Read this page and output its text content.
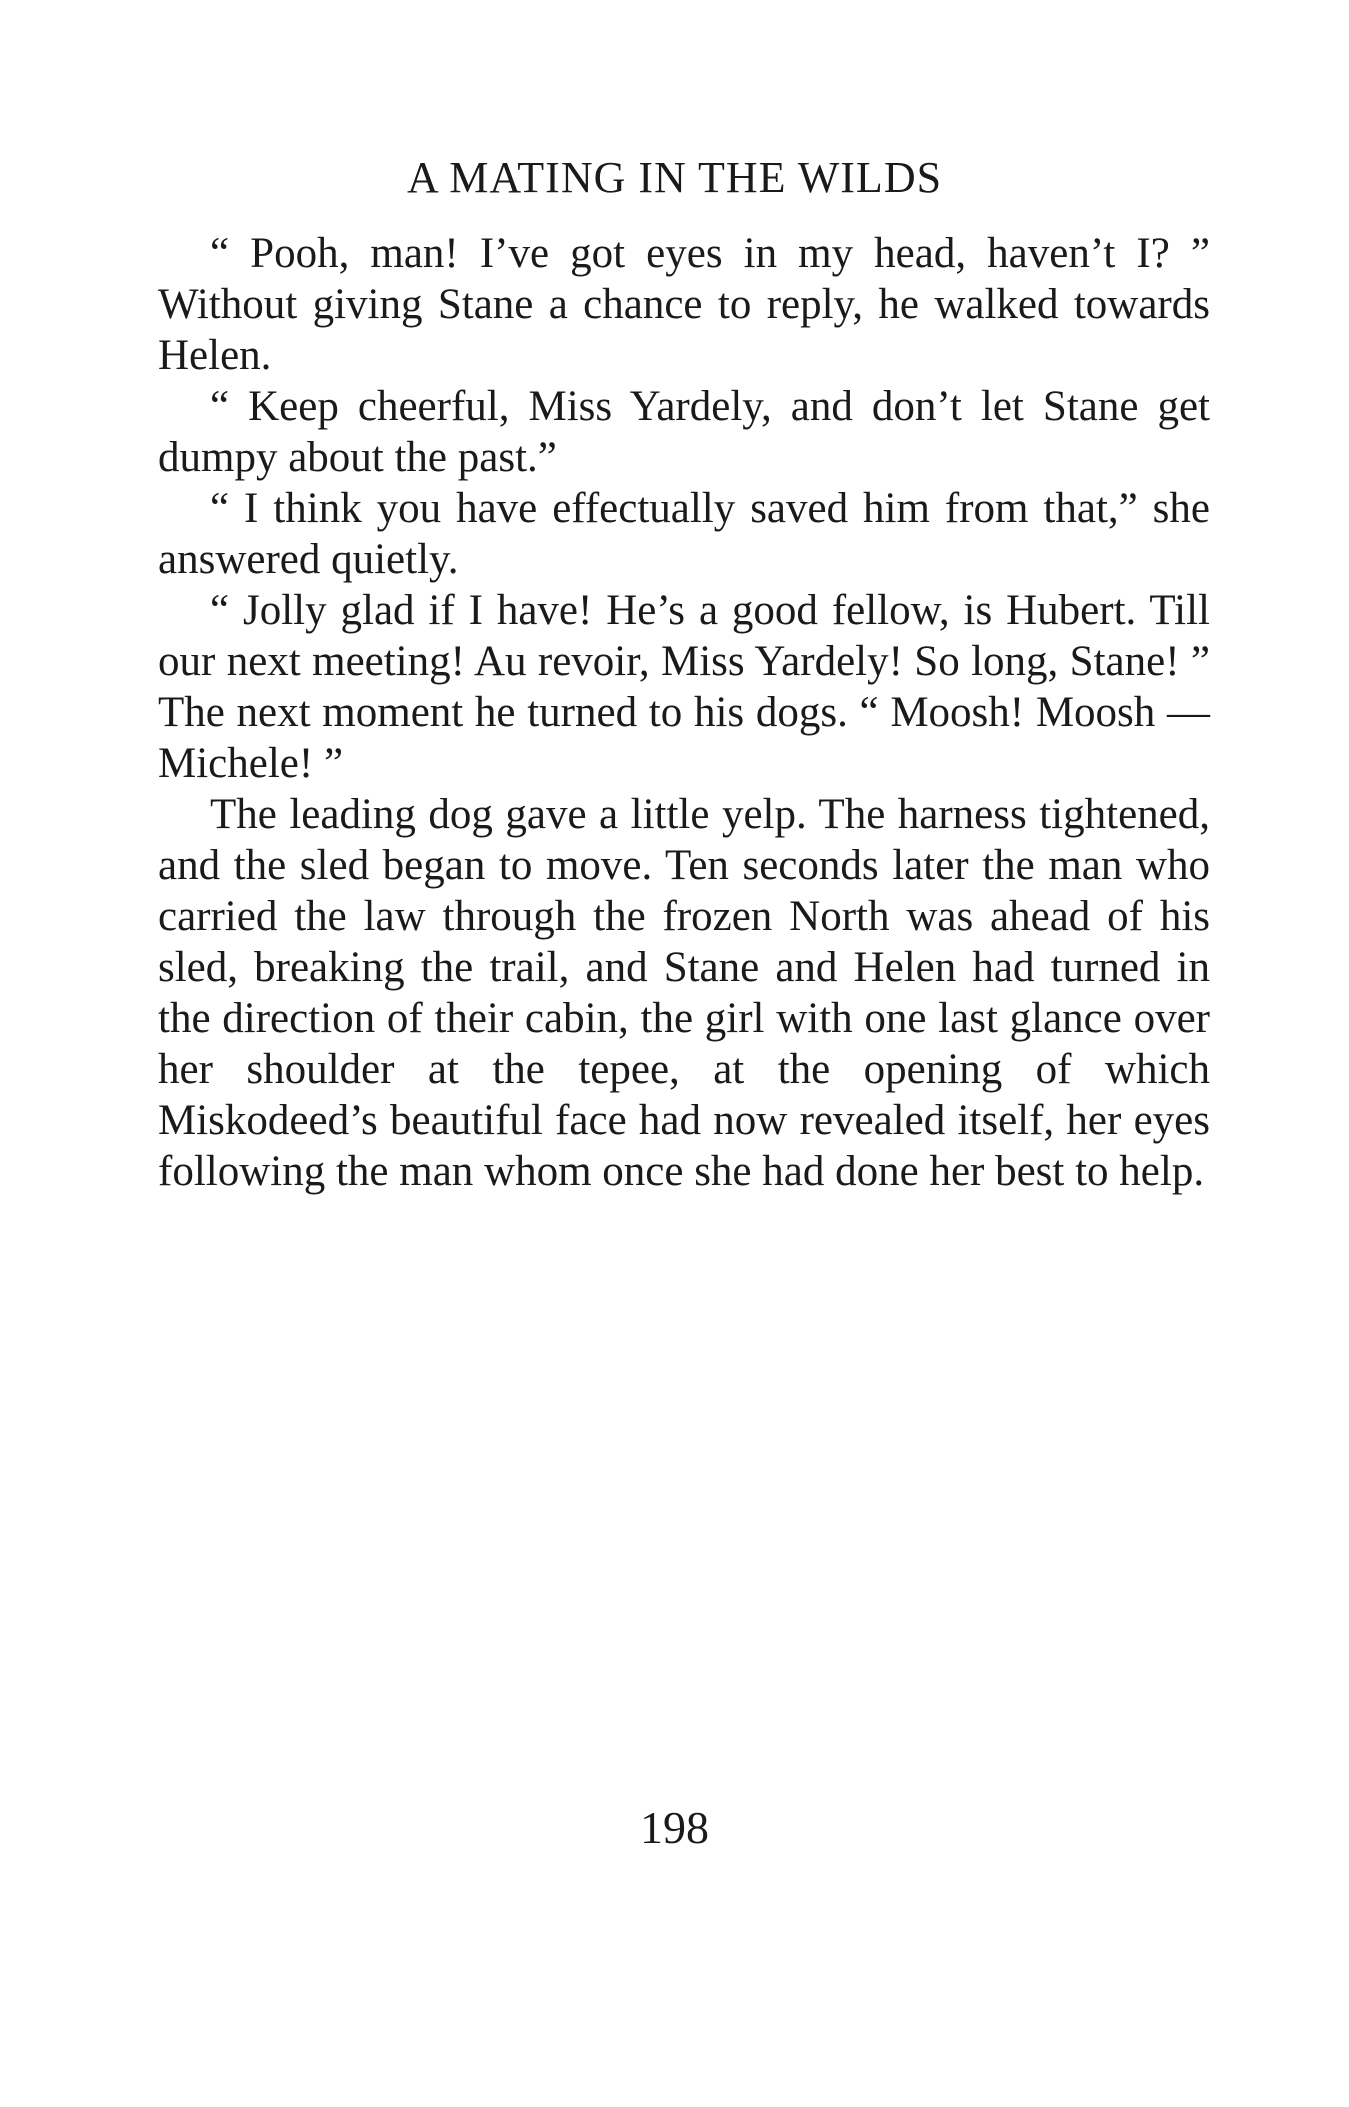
A MATING IN THE WILDS

“ Pooh, man! I’ve got eyes in my head, haven’t I? ” Without giving Stane a chance to reply, he walked towards Helen.

“ Keep cheerful, Miss Yardely, and don’t let Stane get dumpy about the past.”

“ I think you have effectually saved him from that,” she answered quietly.

“ Jolly glad if I have! He’s a good fellow, is Hubert. Till our next meeting! Au revoir, Miss Yardely! So long, Stane! ” The next moment he turned to his dogs. “ Moosh! Moosh — Michele! ”

The leading dog gave a little yelp. The harness tightened, and the sled began to move. Ten seconds later the man who carried the law through the frozen North was ahead of his sled, breaking the trail, and Stane and Helen had turned in the direction of their cabin, the girl with one last glance over her shoulder at the tepee, at the opening of which Miskodeed’s beautiful face had now revealed itself, her eyes following the man whom once she had done her best to help.

198
